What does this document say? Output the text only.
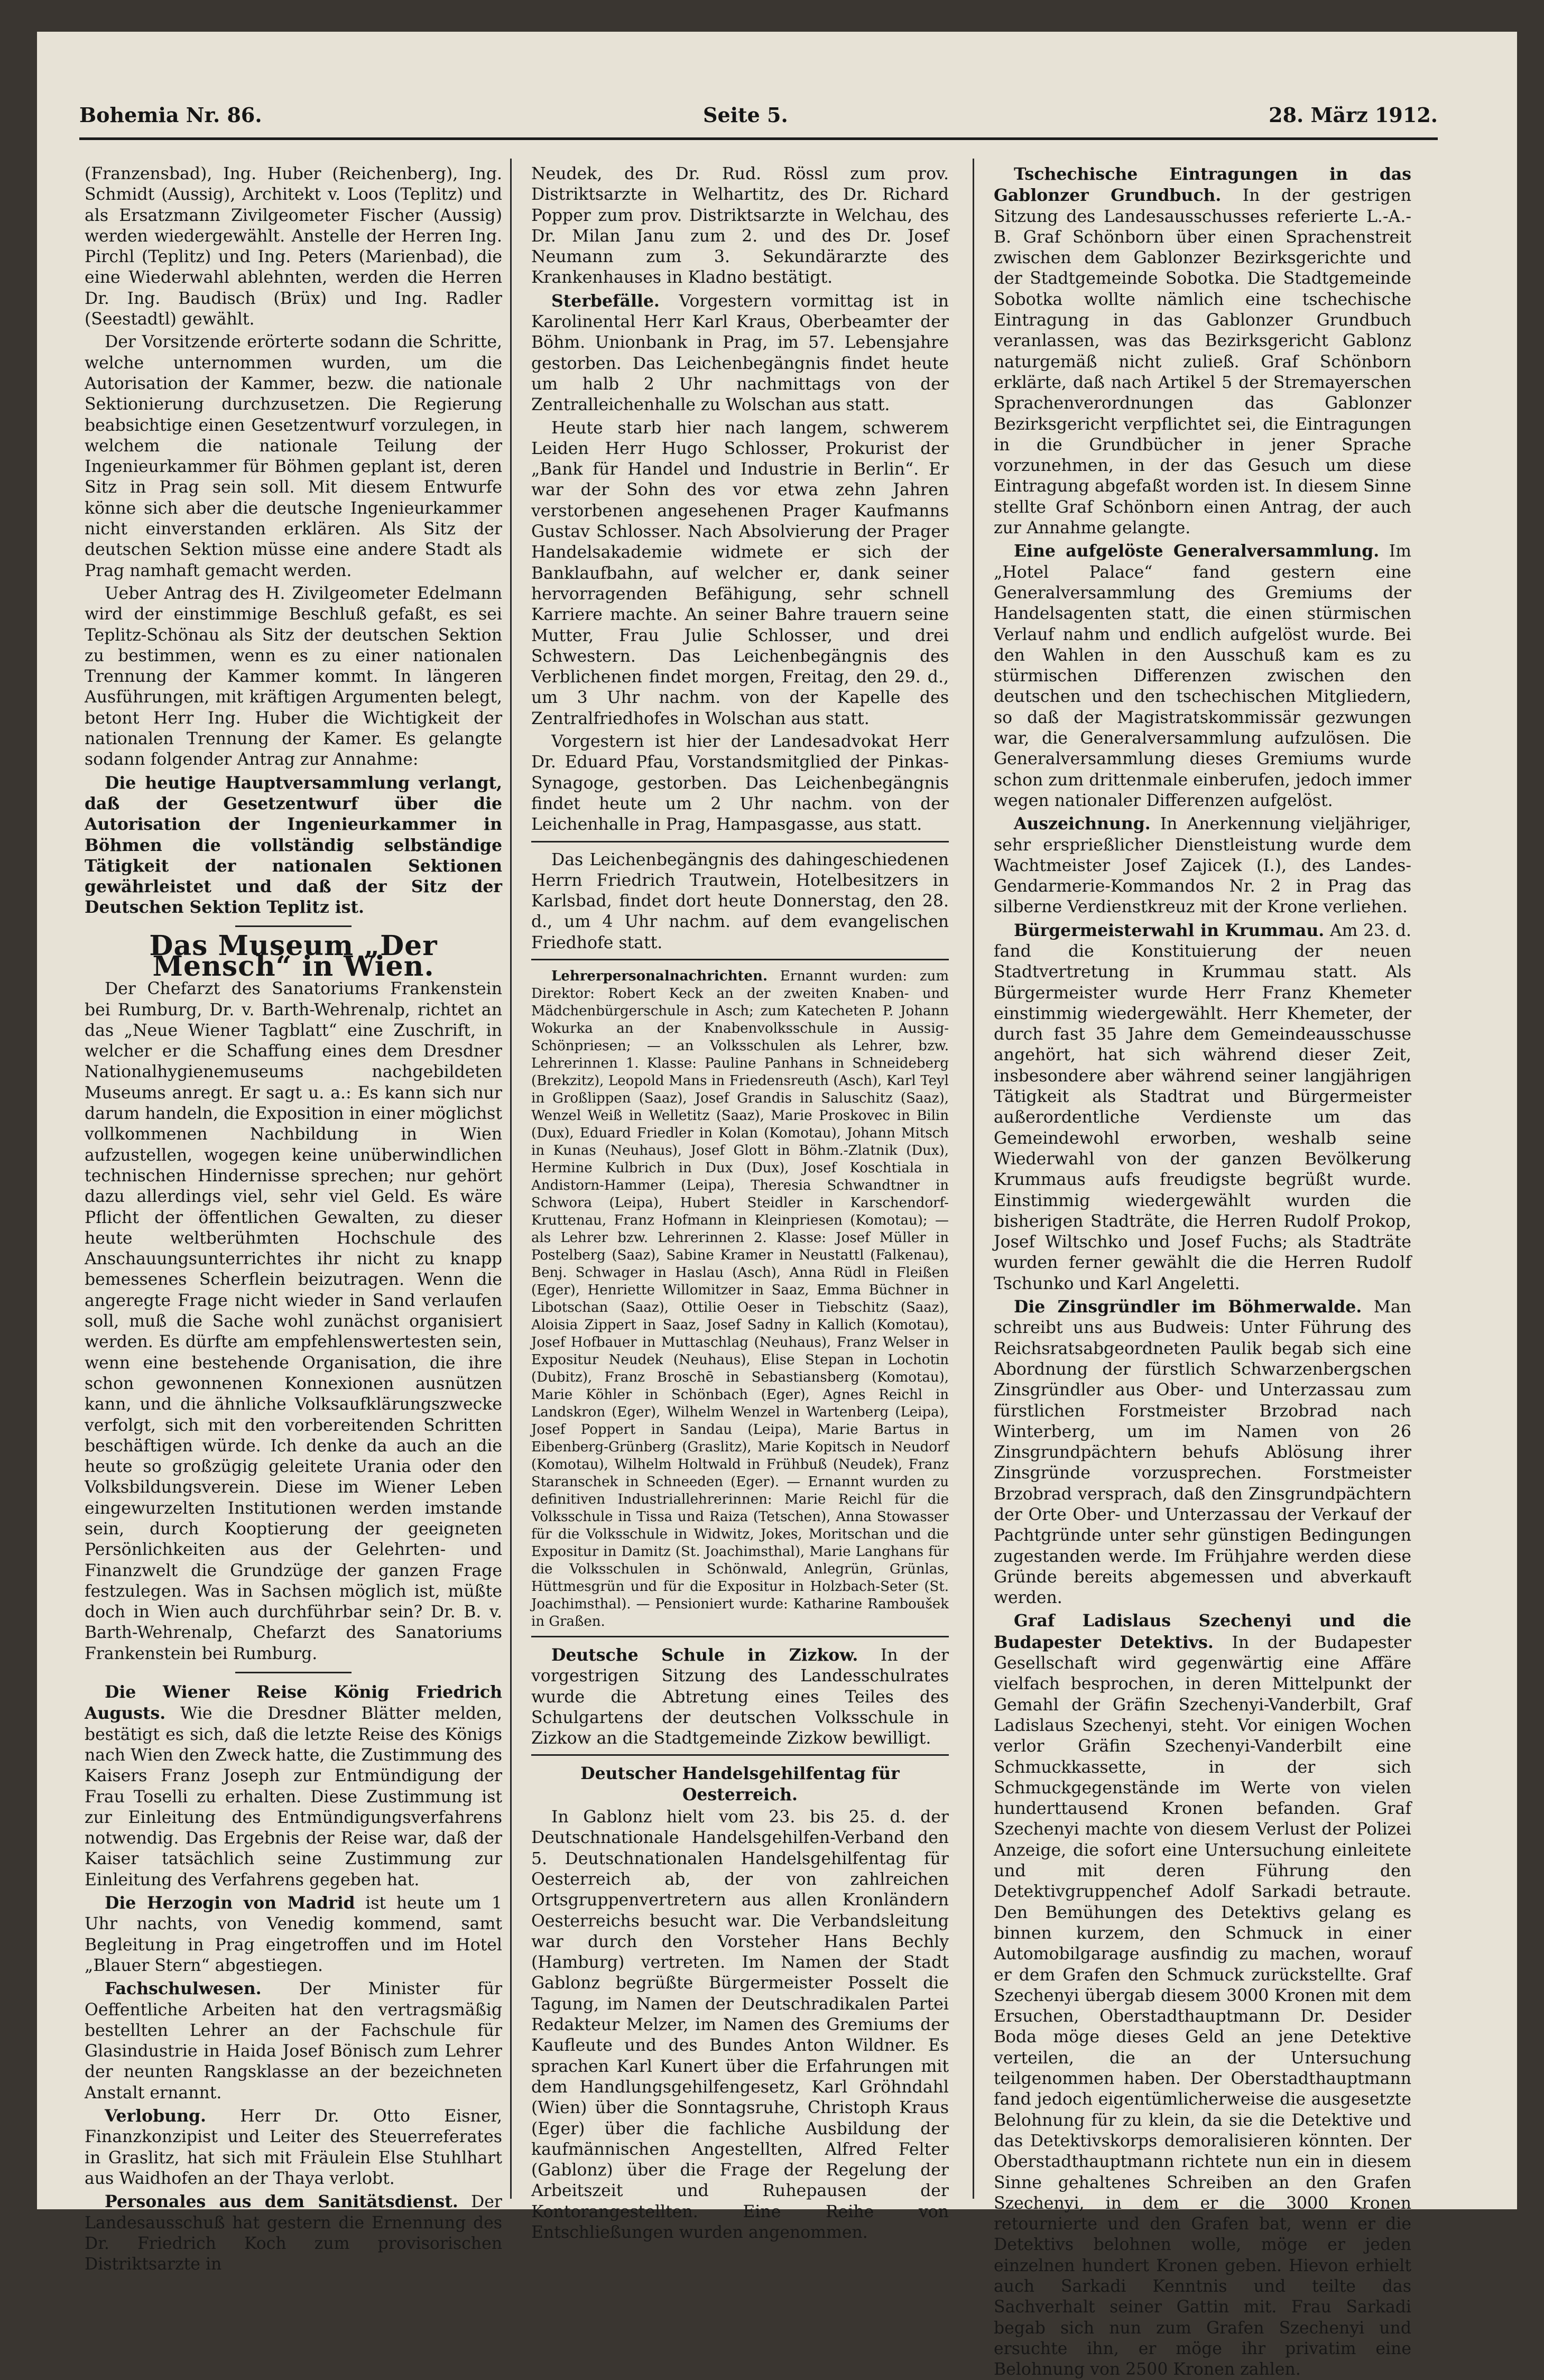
Bohemia Nr. 86.	Seite 5.	28. März 1912.

(Franzensbad), Ing. Huber (Reichenberg), Ing. Schmidt (Aussig), Architekt v. Loos (Teplitz) und als Ersatzmann Zivilgeometer Fischer (Aussig) werden wiedergewählt. Anstelle der Herren Ing. Pirchl (Teplitz) und Ing. Peters (Marienbad), die eine Wiederwahl ablehnten, werden die Herren Dr. Ing. Baudisch (Brüx) und Ing. Radler (Seestadtl) gewählt.

Der Vorsitzende erörterte sodann die Schritte, welche unternommen wurden, um die Autorisation der Kammer, bezw. die nationale Sektionierung durchzusetzen. Die Regierung beabsichtige einen Gesetzentwurf vorzulegen, in welchem die nationale Teilung der Ingenieurkammer für Böhmen geplant ist, deren Sitz in Prag sein soll. Mit diesem Entwurfe könne sich aber die deutsche Ingenieurkammer nicht einverstanden erklären. Als Sitz der deutschen Sektion müsse eine andere Stadt als Prag namhaft gemacht werden.

Ueber Antrag des H. Zivilgeometer Edelmann wird der einstimmige Beschluß gefaßt, es sei Teplitz-Schönau als Sitz der deutschen Sektion zu bestimmen, wenn es zu einer nationalen Trennung der Kammer kommt. In längeren Ausführungen, mit kräftigen Argumenten belegt, betont Herr Ing. Huber die Wichtigkeit der nationalen Trennung der Kamer. Es gelangte sodann folgender Antrag zur Annahme:

Die heutige Hauptversammlung verlangt, daß der Gesetzentwurf über die Autorisation der Ingenieurkammer in Böhmen die vollständig selbständige Tätigkeit der nationalen Sektionen gewährleistet und daß der Sitz der Deutschen Sektion Teplitz ist.

Das Museum „Der Mensch“ in Wien.

Der Chefarzt des Sanatoriums Frankenstein bei Rumburg, Dr. v. Barth-Wehrenalp, richtet an das „Neue Wiener Tagblatt“ eine Zuschrift, in welcher er die Schaffung eines dem Dresdner Nationalhygienemuseums nachgebildeten Museums anregt. Er sagt u. a.: Es kann sich nur darum handeln, die Exposition in einer möglichst vollkommenen Nachbildung in Wien aufzustellen, wogegen keine unüberwindlichen technischen Hindernisse sprechen; nur gehört dazu allerdings viel, sehr viel Geld. Es wäre Pflicht der öffentlichen Gewalten, zu dieser heute weltberühmten Hochschule des Anschauungsunterrichtes ihr nicht zu knapp bemessenes Scherflein beizutragen. Wenn die angeregte Frage nicht wieder in Sand verlaufen soll, muß die Sache wohl zunächst organisiert werden. Es dürfte am empfehlenswertesten sein, wenn eine bestehende Organisation, die ihre schon gewonnenen Konnexionen ausnützen kann, und die ähnliche Volksaufklärungszwecke verfolgt, sich mit den vorbereitenden Schritten beschäftigen würde. Ich denke da auch an die heute so großzügig geleitete Urania oder den Volksbildungsverein. Diese im Wiener Leben eingewurzelten Institutionen werden imstande sein, durch Kooptierung der geeigneten Persönlichkeiten aus der Gelehrten- und Finanzwelt die Grundzüge der ganzen Frage festzulegen. Was in Sachsen möglich ist, müßte doch in Wien auch durchführbar sein? Dr. B. v. Barth-Wehrenalp, Chefarzt des Sanatoriums Frankenstein bei Rumburg.

Die Wiener Reise König Friedrich Augusts. Wie die Dresdner Blätter melden, bestätigt es sich, daß die letzte Reise des Königs nach Wien den Zweck hatte, die Zustimmung des Kaisers Franz Joseph zur Entmündigung der Frau Toselli zu erhalten. Diese Zustimmung ist zur Einleitung des Entmündigungsverfahrens notwendig. Das Ergebnis der Reise war, daß der Kaiser tatsächlich seine Zustimmung zur Einleitung des Verfahrens gegeben hat.

Die Herzogin von Madrid ist heute um 1 Uhr nachts, von Venedig kommend, samt Begleitung in Prag eingetroffen und im Hotel „Blauer Stern“ abgestiegen.

Fachschulwesen. Der Minister für Oeffentliche Arbeiten hat den vertragsmäßig bestellten Lehrer an der Fachschule für Glasindustrie in Haida Josef Bönisch zum Lehrer der neunten Rangsklasse an der bezeichneten Anstalt ernannt.

Verlobung. Herr Dr. Otto Eisner, Finanzkonzipist und Leiter des Steuerreferates in Graslitz, hat sich mit Fräulein Else Stuhlhart aus Waidhofen an der Thaya verlobt.

Personales aus dem Sanitätsdienst. Der Landesausschuß hat gestern die Ernennung des Dr. Friedrich Koch zum provisorischen Distriktsarzte in

Neudek, des Dr. Rud. Rössl zum prov. Distriktsarzte in Welhartitz, des Dr. Richard Popper zum prov. Distriktsarzte in Welchau, des Dr. Milan Janu zum 2. und des Dr. Josef Neumann zum 3. Sekundärarzte des Krankenhauses in Kladno bestätigt.

Sterbefälle. Vorgestern vormittag ist in Karolinental Herr Karl Kraus, Oberbeamter der Böhm. Unionbank in Prag, im 57. Lebensjahre gestorben. Das Leichenbegängnis findet heute um halb 2 Uhr nachmittags von der Zentralleichenhalle zu Wolschan aus statt.

Heute starb hier nach langem, schwerem Leiden Herr Hugo Schlosser, Prokurist der „Bank für Handel und Industrie in Berlin“. Er war der Sohn des vor etwa zehn Jahren verstorbenen angesehenen Prager Kaufmanns Gustav Schlosser. Nach Absolvierung der Prager Handelsakademie widmete er sich der Banklaufbahn, auf welcher er, dank seiner hervorragenden Befähigung, sehr schnell Karriere machte. An seiner Bahre trauern seine Mutter, Frau Julie Schlosser, und drei Schwestern. Das Leichenbegängnis des Verblichenen findet morgen, Freitag, den 29. d., um 3 Uhr nachm. von der Kapelle des Zentralfriedhofes in Wolschan aus statt.

Vorgestern ist hier der Landesadvokat Herr Dr. Eduard Pfau, Vorstandsmitglied der Pinkas-Synagoge, gestorben. Das Leichenbegängnis findet heute um 2 Uhr nachm. von der Leichenhalle in Prag, Hampasgasse, aus statt.

Das Leichenbegängnis des dahingeschiedenen Herrn Friedrich Trautwein, Hotelbesitzers in Karlsbad, findet dort heute Donnerstag, den 28. d., um 4 Uhr nachm. auf dem evangelischen Friedhofe statt.

Lehrerpersonalnachrichten. Ernannt wurden: zum Direktor: Robert Keck an der zweiten Knaben- und Mädchenbürgerschule in Asch; zum Katecheten P. Johann Wokurka an der Knabenvolksschule in Aussig-Schönpriesen; — an Volksschulen als Lehrer, bzw. Lehrerinnen 1. Klasse: Pauline Panhans in Schneideberg (Brekzitz), Leopold Mans in Friedensreuth (Asch), Karl Teyl in Großlippen (Saaz), Josef Grandis in Saluschitz (Saaz), Wenzel Weiß in Welletitz (Saaz), Marie Proskovec in Bilin (Dux), Eduard Friedler in Kolan (Komotau), Johann Mitsch in Kunas (Neuhaus), Josef Glott in Böhm.-Zlatnik (Dux), Hermine Kulbrich in Dux (Dux), Josef Koschtiala in Andistorn-Hammer (Leipa), Theresia Schwandtner in Schwora (Leipa), Hubert Steidler in Karschendorf-Kruttenau, Franz Hofmann in Kleinpriesen (Komotau); — als Lehrer bzw. Lehrerinnen 2. Klasse: Josef Müller in Postelberg (Saaz), Sabine Kramer in Neustattl (Falkenau), Benj. Schwager in Haslau (Asch), Anna Rüdl in Fleißen (Eger), Henriette Willomitzer in Saaz, Emma Büchner in Libotschan (Saaz), Ottilie Oeser in Tiebschitz (Saaz), Aloisia Zippert in Saaz, Josef Sadny in Kallich (Komotau), Josef Hofbauer in Muttaschlag (Neuhaus), Franz Welser in Expositur Neudek (Neuhaus), Elise Stepan in Lochotin (Dubitz), Franz Broschē in Sebastiansberg (Komotau), Marie Köhler in Schönbach (Eger), Agnes Reichl in Landskron (Eger), Wilhelm Wenzel in Wartenberg (Leipa), Josef Poppert in Sandau (Leipa), Marie Bartus in Eibenberg-Grünberg (Graslitz), Marie Kopitsch in Neudorf (Komotau), Wilhelm Holtwald in Frühbuß (Neudek), Franz Staranschek in Schneeden (Eger). — Ernannt wurden zu definitiven Industriallehrerinnen: Marie Reichl für die Volksschule in Tissa und Raiza (Tetschen), Anna Stowasser für die Volksschule in Widwitz, Jokes, Moritschan und die Expositur in Damitz (St. Joachimsthal), Marie Langhans für die Volksschulen in Schönwald, Anlegrün, Grünlas, Hüttmesgrün und für die Expositur in Holzbach-Seter (St. Joachimsthal). — Pensioniert wurde: Katharine Ramboušek in Graßen.

Deutsche Schule in Zizkow. In der vorgestrigen Sitzung des Landesschulrates wurde die Abtretung eines Teiles des Schulgartens der deutschen Volksschule in Zizkow an die Stadtgemeinde Zizkow bewilligt.

Deutscher Handelsgehilfentag für Oesterreich.

In Gablonz hielt vom 23. bis 25. d. der Deutschnationale Handelsgehilfen-Verband den 5. Deutschnationalen Handelsgehilfentag für Oesterreich ab, der von zahlreichen Ortsgruppenvertretern aus allen Kronländern Oesterreichs besucht war. Die Verbandsleitung war durch den Vorsteher Hans Bechly (Hamburg) vertreten. Im Namen der Stadt Gablonz begrüßte Bürgermeister Posselt die Tagung, im Namen der Deutschradikalen Partei Redakteur Melzer, im Namen des Gremiums der Kaufleute und des Bundes Anton Wildner. Es sprachen Karl Kunert über die Erfahrungen mit dem Handlungsgehilfengesetz, Karl Gröhndahl (Wien) über die Sonntagsruhe, Christoph Kraus (Eger) über die fachliche Ausbildung der kaufmännischen Angestellten, Alfred Felter (Gablonz) über die Frage der Regelung der Arbeitszeit und Ruhepausen der Kontorangestellten. Eine Reihe von Entschließungen wurden angenommen.

Tschechische Eintragungen in das Gablonzer Grundbuch. In der gestrigen Sitzung des Landesausschusses referierte L.-A.-B. Graf Schönborn über einen Sprachenstreit zwischen dem Gablonzer Bezirksgerichte und der Stadtgemeinde Sobotka. Die Stadtgemeinde Sobotka wollte nämlich eine tschechische Eintragung in das Gablonzer Grundbuch veranlassen, was das Bezirksgericht Gablonz naturgemäß nicht zuließ. Graf Schönborn erklärte, daß nach Artikel 5 der Stremayerschen Sprachenverordnungen das Gablonzer Bezirksgericht verpflichtet sei, die Eintragungen in die Grundbücher in jener Sprache vorzunehmen, in der das Gesuch um diese Eintragung abgefaßt worden ist. In diesem Sinne stellte Graf Schönborn einen Antrag, der auch zur Annahme gelangte.

Eine aufgelöste Generalversammlung. Im „Hotel Palace“ fand gestern eine Generalversammlung des Gremiums der Handelsagenten statt, die einen stürmischen Verlauf nahm und endlich aufgelöst wurde. Bei den Wahlen in den Ausschuß kam es zu stürmischen Differenzen zwischen den deutschen und den tschechischen Mitgliedern, so daß der Magistratskommissär gezwungen war, die Generalversammlung aufzulösen. Die Generalversammlung dieses Gremiums wurde schon zum drittenmale einberufen, jedoch immer wegen nationaler Differenzen aufgelöst.

Auszeichnung. In Anerkennung vieljähriger, sehr ersprießlicher Dienstleistung wurde dem Wachtmeister Josef Zajicek (I.), des Landes-Gendarmerie-Kommandos Nr. 2 in Prag das silberne Verdienstkreuz mit der Krone verliehen.

Bürgermeisterwahl in Krummau. Am 23. d. fand die Konstituierung der neuen Stadtvertretung in Krummau statt. Als Bürgermeister wurde Herr Franz Khemeter einstimmig wiedergewählt. Herr Khemeter, der durch fast 35 Jahre dem Gemeindeausschusse angehört, hat sich während dieser Zeit, insbesondere aber während seiner langjährigen Tätigkeit als Stadtrat und Bürgermeister außerordentliche Verdienste um das Gemeindewohl erworben, weshalb seine Wiederwahl von der ganzen Bevölkerung Krummaus aufs freudigste begrüßt wurde. Einstimmig wiedergewählt wurden die bisherigen Stadträte, die Herren Rudolf Prokop, Josef Wiltschko und Josef Fuchs; als Stadträte wurden ferner gewählt die die Herren Rudolf Tschunko und Karl Angeletti.

Die Zinsgründler im Böhmerwalde. Man schreibt uns aus Budweis: Unter Führung des Reichsratsabgeordneten Paulik begab sich eine Abordnung der fürstlich Schwarzenbergschen Zinsgründler aus Ober- und Unterzassau zum fürstlichen Forstmeister Brzobrad nach Winterberg, um im Namen von 26 Zinsgrundpächtern behufs Ablösung ihrer Zinsgründe vorzusprechen. Forstmeister Brzobrad versprach, daß den Zinsgrundpächtern der Orte Ober- und Unterzassau der Verkauf der Pachtgründe unter sehr günstigen Bedingungen zugestanden werde. Im Frühjahre werden diese Gründe bereits abgemessen und abverkauft werden.

Graf Ladislaus Szechenyi und die Budapester Detektivs. In der Budapester Gesellschaft wird gegenwärtig eine Affäre vielfach besprochen, in deren Mittelpunkt der Gemahl der Gräfin Szechenyi-Vanderbilt, Graf Ladislaus Szechenyi, steht. Vor einigen Wochen verlor Gräfin Szechenyi-Vanderbilt eine Schmuckkassette, in der sich Schmuckgegenstände im Werte von vielen hunderttausend Kronen befanden. Graf Szechenyi machte von diesem Verlust der Polizei Anzeige, die sofort eine Untersuchung einleitete und mit deren Führung den Detektivgruppenchef Adolf Sarkadi betraute. Den Bemühungen des Detektivs gelang es binnen kurzem, den Schmuck in einer Automobilgarage ausfindig zu machen, worauf er dem Grafen den Schmuck zurückstellte. Graf Szechenyi übergab diesem 3000 Kronen mit dem Ersuchen, Oberstadthauptmann Dr. Desider Boda möge dieses Geld an jene Detektive verteilen, die an der Untersuchung teilgenommen haben. Der Oberstadthauptmann fand jedoch eigentümlicherweise die ausgesetzte Belohnung für zu klein, da sie die Detektive und das Detektivskorps demoralisieren könnten. Der Oberstadthauptmann richtete nun ein in diesem Sinne gehaltenes Schreiben an den Grafen Szechenyi, in dem er die 3000 Kronen retournierte und den Grafen bat, wenn er die Detektivs belohnen wolle, möge er jeden einzelnen hundert Kronen geben. Hievon erhielt auch Sarkadi Kenntnis und teilte das Sachverhalt seiner Gattin mit. Frau Sarkadi begab sich nun zum Grafen Szechenyi und ersuchte ihn, er möge ihr privatim eine Belohnung von 2500 Kronen zahlen.
